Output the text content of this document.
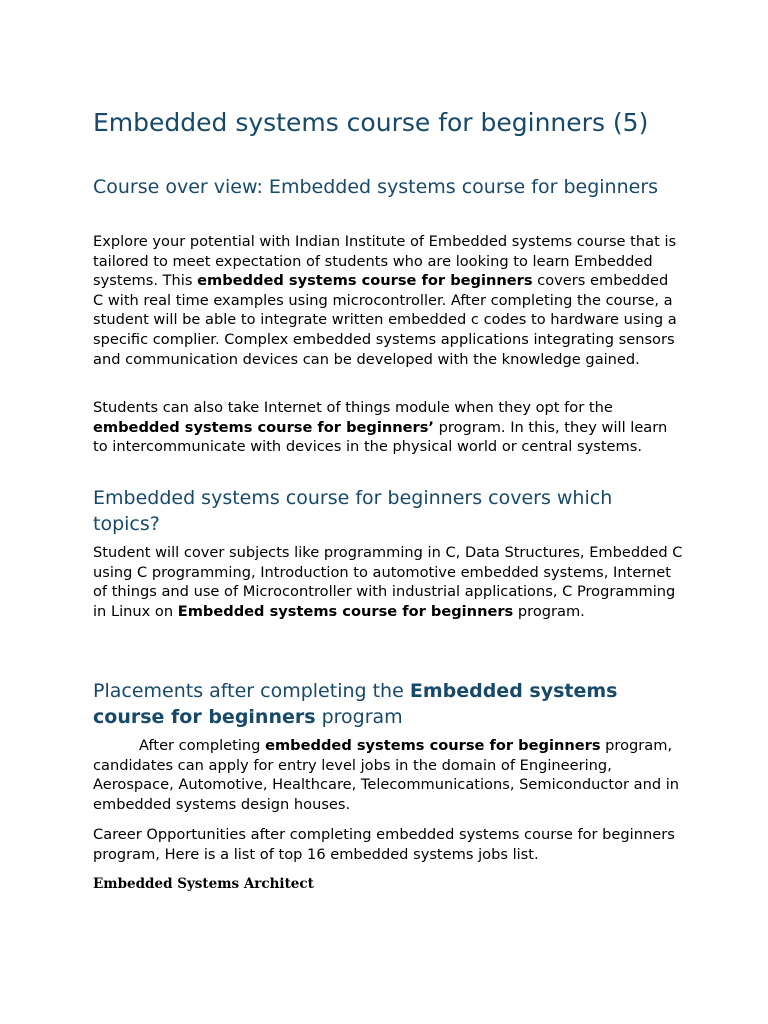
Embedded systems course for beginners (5)
Course over view: Embedded systems course for beginners

Explore your potential with Indian Institute of Embedded systems course that is tailored to meet expectation of students who are looking to learn Embedded systems. This embedded systems course for beginners covers embedded C with real time examples using microcontroller. After completing the course, a student will be able to integrate written embedded c codes to hardware using a specific complier. Complex embedded systems applications integrating sensors and communication devices can be developed with the knowledge gained.

Students can also take Internet of things module when they opt for the embedded systems course for beginners’ program. In this, they will learn to intercommunicate with devices in the physical world or central systems.

Embedded systems course for beginners covers which topics?

Student will cover subjects like programming in C, Data Structures, Embedded C using C programming, Introduction to automotive embedded systems, Internet of things and use of Microcontroller with industrial applications, C Programming in Linux on Embedded systems course for beginners program.

Placements after completing the Embedded systems course for beginners program

After completing embedded systems course for beginners program, candidates can apply for entry level jobs in the domain of Engineering, Aerospace, Automotive, Healthcare, Telecommunications, Semiconductor and in embedded systems design houses.

Career Opportunities after completing embedded systems course for beginners program, Here is a list of top 16 embedded systems jobs list.

Embedded Systems Architect
